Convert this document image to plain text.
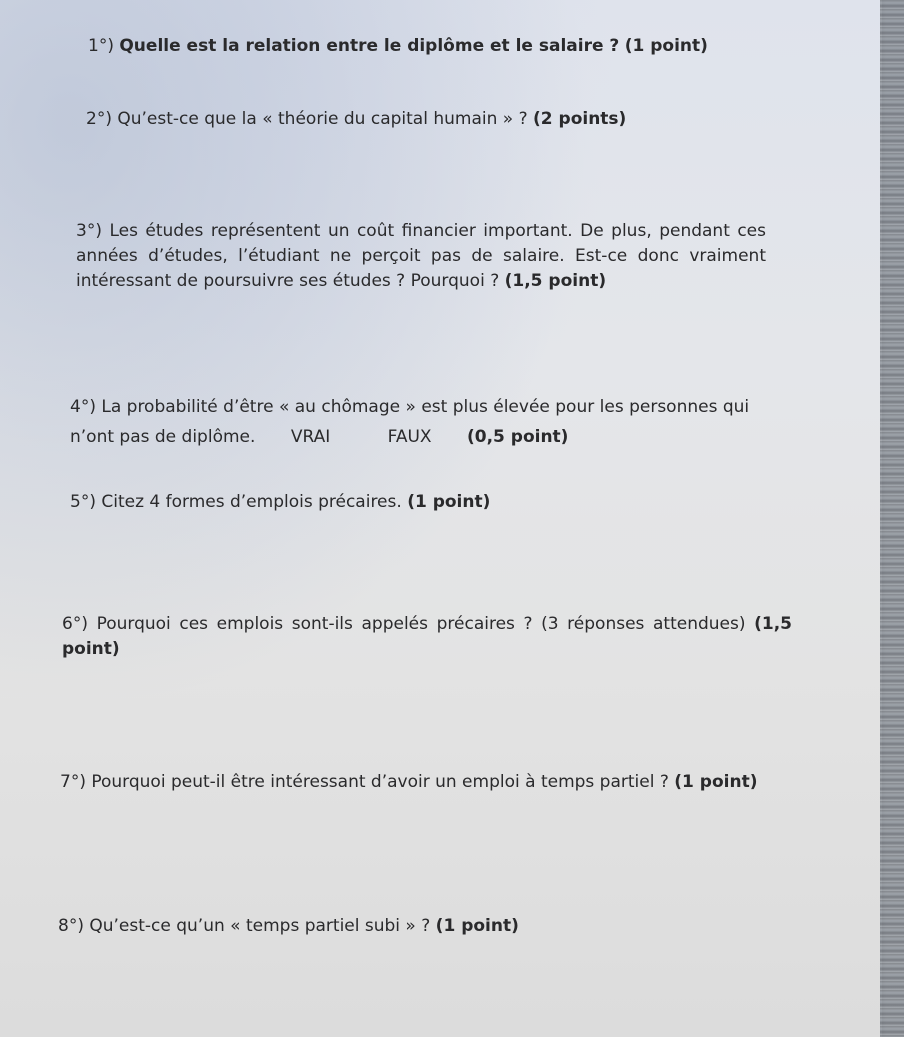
1°) Quelle est la relation entre le diplôme et le salaire ? (1 point)

2°) Qu’est-ce que la « théorie du capital humain » ? (2 points)

3°) Les études représentent un coût financier important. De plus, pendant ces années d’études, l’étudiant ne perçoit pas de salaire. Est-ce donc vraiment intéressant de poursuivre ses études ? Pourquoi ? (1,5 point)

4°) La probabilité d’être « au chômage » est plus élevée pour les personnes qui
n’ont pas de diplôme. VRAI	FAUX (0,5 point)

5°) Citez 4 formes d’emplois précaires. (1 point)

6°) Pourquoi ces emplois sont-ils appelés précaires ? (3 réponses attendues) (1,5 point)

7°) Pourquoi peut-il être intéressant d’avoir un emploi à temps partiel ? (1 point)

8°) Qu’est-ce qu’un « temps partiel subi » ? (1 point)
